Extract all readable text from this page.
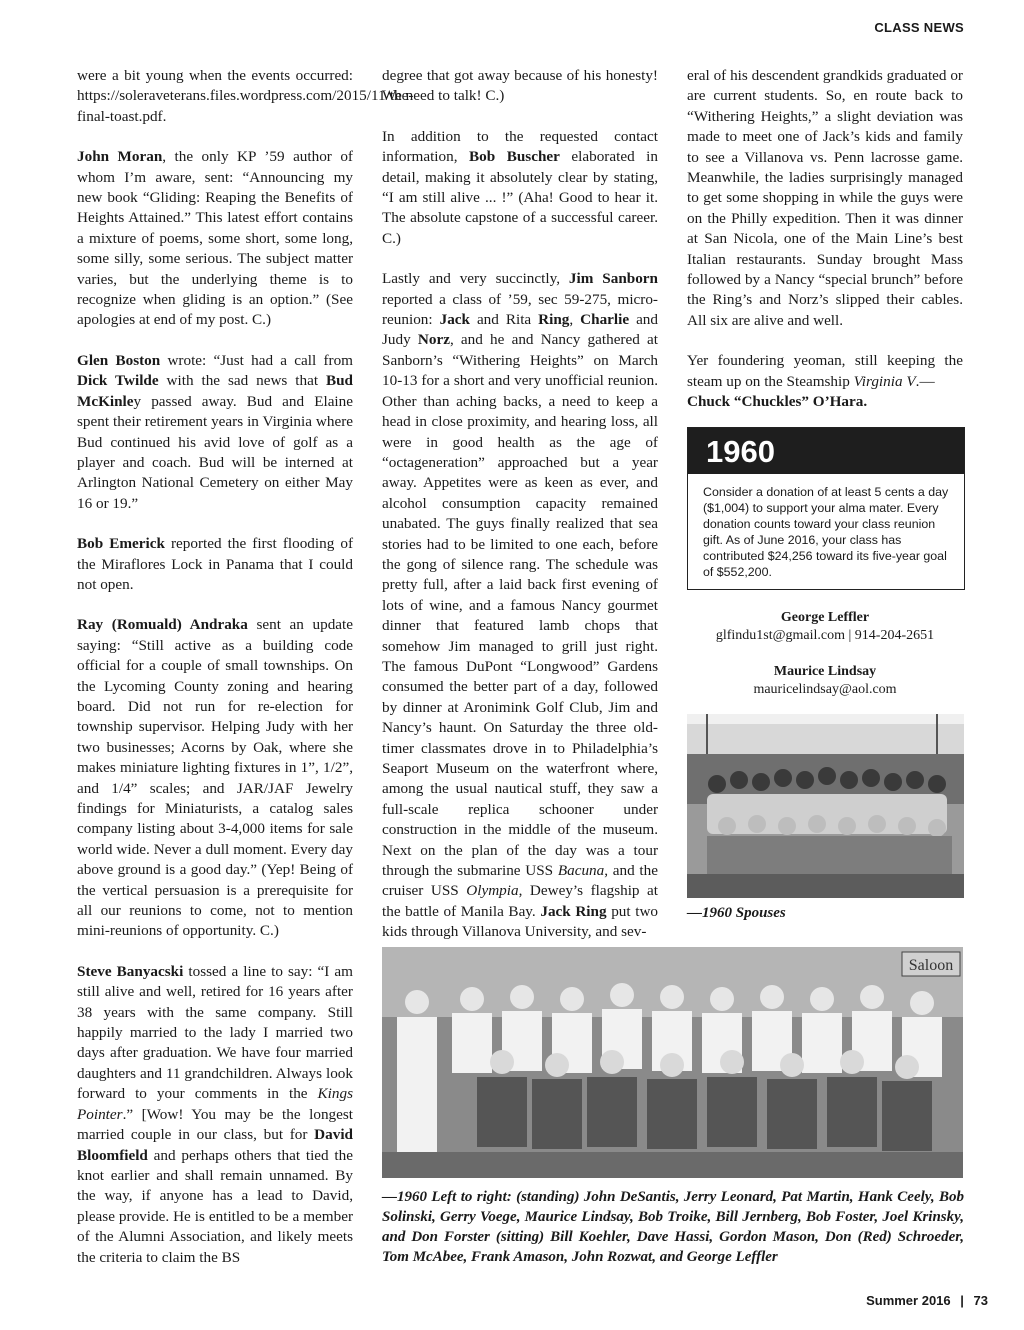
CLASS NEWS

were a bit young when the events occurred: https://soleraveterans.files.wordpress.com/2015/11/the-final-toast.pdf.

John Moran, the only KP ’59 author of whom I’m aware, sent: “Announcing my new book “Gliding: Reaping the Benefits of Heights Attained.” This latest effort contains a mixture of poems, some short, some long, some silly, some serious. The subject matter varies, but the underlying theme is to recognize when gliding is an option.” (See apologies at end of my post. C.)

Glen Boston wrote: “Just had a call from Dick Twilde with the sad news that Bud McKinley passed away. Bud and Elaine spent their retirement years in Virginia where Bud continued his avid love of golf as a player and coach. Bud will be interned at Arlington National Cemetery on either May 16 or 19.”

Bob Emerick reported the first flooding of the Miraflores Lock in Panama that I could not open.

Ray (Romuald) Andraka sent an update saying: “Still active as a building code official for a couple of small townships. On the Lycoming County zoning and hearing board. Did not run for re-election for township supervisor. Helping Judy with her two businesses; Acorns by Oak, where she makes miniature lighting fixtures in 1”, 1/2”, and 1/4” scales; and JAR/JAF Jewelry findings for Miniaturists, a catalog sales company listing about 3-4,000 items for sale world wide. Never a dull moment. Every day above ground is a good day.” (Yep! Being of the vertical persuasion is a prerequisite for all our reunions to come, not to mention mini-reunions of opportunity. C.)

Steve Banyacski tossed a line to say: “I am still alive and well, retired for 16 years after 38 years with the same company. Still happily married to the lady I married two days after graduation. We have four married daughters and 11 grandchildren. Always look forward to your comments in the Kings Pointer.” [Wow! You may be the longest married couple in our class, but for David Bloomfield and perhaps others that tied the knot earlier and shall remain unnamed. By the way, if anyone has a lead to David, please provide. He is entitled to be a member of the Alumni Association, and likely meets the criteria to claim the BS

degree that got away because of his honesty! We need to talk! C.)

In addition to the requested contact information, Bob Buscher elaborated in detail, making it absolutely clear by stating, “I am still alive ... !” (Aha! Good to hear it. The absolute capstone of a successful career. C.)

Lastly and very succinctly, Jim Sanborn reported a class of ’59, sec 59-275, micro-reunion: Jack and Rita Ring, Charlie and Judy Norz, and he and Nancy gathered at Sanborn’s “Withering Heights” on March 10-13 for a short and very unofficial reunion. Other than aching backs, a need to keep a head in close proximity, and hearing loss, all were in good health as the age of “octageneration” approached but a year away. Appetites were as keen as ever, and alcohol consumption capacity remained unabated. The guys finally realized that sea stories had to be limited to one each, before the gong of silence rang. The schedule was pretty full, after a laid back first evening of lots of wine, and a famous Nancy gourmet dinner that featured lamb chops that somehow Jim managed to grill just right. The famous DuPont “Longwood” Gardens consumed the better part of a day, followed by dinner at Aronimink Golf Club, Jim and Nancy’s haunt. On Saturday the three old-timer classmates drove in to Philadelphia’s Seaport Museum on the waterfront where, among the usual nautical stuff, they saw a full-scale replica schooner under construction in the middle of the museum. Next on the plan of the day was a tour through the submarine USS Bacuna, and the cruiser USS Olympia, Dewey’s flagship at the battle of Manila Bay. Jack Ring put two kids through Villanova University, and sev-

eral of his descendent grandkids graduated or are current students. So, en route back to “Withering Heights,” a slight deviation was made to meet one of Jack’s kids and family to see a Villanova vs. Penn lacrosse game. Meanwhile, the ladies surprisingly managed to get some shopping in while the guys were on the Philly expedition. Then it was dinner at San Nicola, one of the Main Line’s best Italian restaurants. Sunday brought Mass followed by a Nancy “special brunch” before the Ring’s and Norz’s slipped their cables. All six are alive and well.

Yer foundering yeoman, still keeping the steam up on the Steamship Virginia V.—
Chuck “Chuckles” O’Hara.

1960
Consider a donation of at least 5 cents a day ($1,004) to support your alma mater. Every donation counts toward your class reunion gift. As of June 2016, your class has contributed $24,256 toward its five-year goal of $552,200.
George Leffler
glfindu1st@gmail.com | 914-204-2651
Maurice Lindsay
mauricelindsay@aol.com
—1960 Spouses
Saloon
—1960 Left to right: (standing) John DeSantis, Jerry Leonard, Pat Martin, Hank Ceely, Bob Solinski, Gerry Voege, Maurice Lindsay, Bob Troike, Bill Jernberg, Bob Foster, Joel Krinsky, and Don Forster (sitting) Bill Koehler, Dave Hassi, Gordon Mason, Don (Red) Schroeder, Tom McAbee, Frank Amason, John Rozwat, and George Leffler
Summer 2016 | 73
